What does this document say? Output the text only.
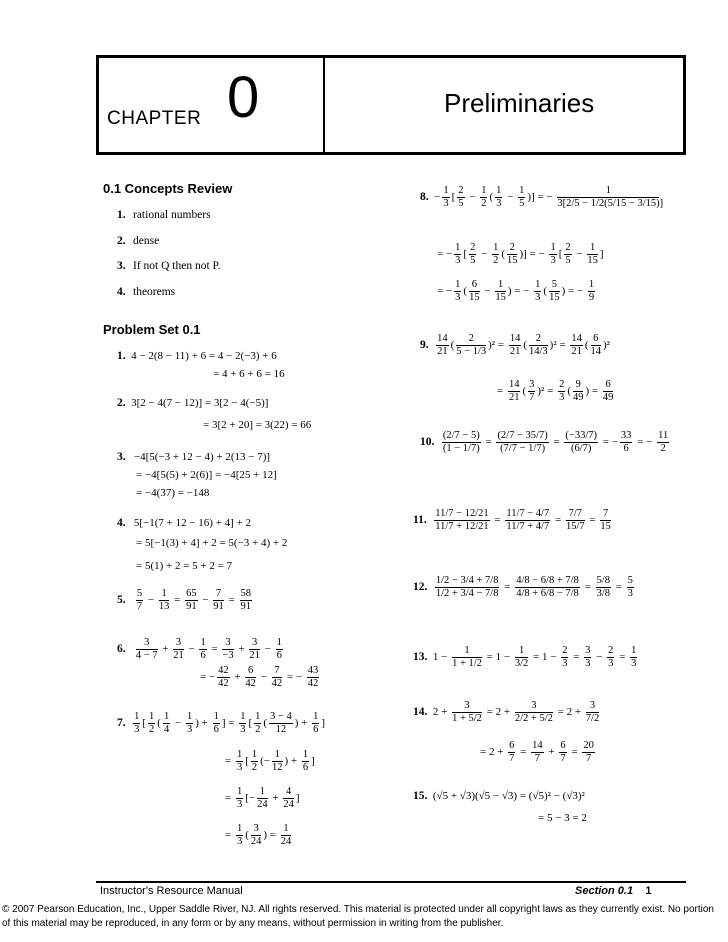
CHAPTER 0	Preliminaries
0.1 Concepts Review
1. rational numbers
2. dense
3. If not Q then not P.
4. theorems
Problem Set 0.1
1. 4 − 2(8 − 11) + 6 = 4 − 2(−3) + 6
= 4 + 6 + 6 = 16
2. 3[2 − 4(7 − 12)] = 3[2 − 4(−5)]
= 3[2 + 20] = 3(22) = 66
3. −4[5(−3 + 12 − 4) + 2(13 − 7)]
= −4[5(5) + 2(6)] = −4[25 + 12]
= −4(37) = −148
4. 5[−1(7 + 12 − 16) + 4] + 2
= 5[−1(3) + 4] + 2 = 5(−3 + 4) + 2
= 5(1) + 2 = 5 + 2 = 7
5. $\frac{5}{7} - \frac{1}{13} = \frac{65}{91} - \frac{7}{91} = \frac{58}{91}$
6. $\frac{3}{4 - 7} + \frac{3}{21} - \frac{1}{6} = \frac{3}{-3} + \frac{3}{21} - \frac{1}{6}$
= − $\frac{42}{42} + \frac{6}{42} - \frac{7}{42}$ = − $\frac{43}{42}$
7. $\frac{1}{3}$ [ $\frac{1}{2}$ ( $\frac{1}{4} - \frac{1}{3}$ ) + $\frac{1}{6}$ ] = $\frac{1}{3}$ [ $\frac{1}{2}$ ( $\frac{3 - 4}{12}$ ) + $\frac{1}{6}$ ]
= $\frac{1}{3}$ [ $\frac{1}{2}$ (− $\frac{1}{12}$ ) + $\frac{1}{6}$ ]
= $\frac{1}{3}$ [− $\frac{1}{24} + \frac{4}{24}$ ]
= $\frac{1}{3}$ ( $\frac{3}{24}$ ) = $\frac{1}{24}$
8.  − $\frac{1}{3}$ [ $\frac{2}{5} - \frac{1}{2}$ ( $\frac{1}{3} - \frac{1}{5}$ )] = − $\frac{1}{3[2/5 - 1/2(5/15 - 3/15)]}$
= − $\frac{1}{3}$ [ $\frac{2}{5} - \frac{1}{2}$ ( $\frac{2}{15}$ )] = − $\frac{1}{3}$ [ $\frac{2}{5} - \frac{1}{15}$ ]
= − $\frac{1}{3}$ ( $\frac{6}{15} - \frac{1}{15}$ ) = − $\frac{1}{3}$ ( $\frac{5}{15}$ ) = − $\frac{1}{9}$
9. $\frac{14}{21}$ ( $\frac{2}{5 - 1/3} )^2 = \frac{14}{21}$ ( $\frac{2}{14/3} )^2 = \frac{14}{21}$ ( $\frac{6}{14} )^2$
= $\frac{14}{21}$ ( $\frac{3}{7} )^2 = \frac{2}{3}$ ( $\frac{9}{49}$ ) = $\frac{6}{49}$
10. $\frac{(2/7 - 5)}{(1 - 1/7)} = \frac{(2/7 - 35/7)}{(7/7 - 1/7)} = \frac{(-33/7)}{(6/7)}$ = − $\frac{33}{6}$ = − $\frac{11}{2}$
11. $\frac{11/7 - 12/21}{11/7 + 12/21} = \frac{11/7 - 4/7}{11/7 + 4/7} = \frac{7/7}{15/7} = \frac{7}{15}$
12. $\frac{1/2 - 3/4 + 7/8}{1/2 + 3/4 - 7/8} = \frac{4/8 - 6/8 + 7/8}{4/8 + 6/8 - 7/8} = \frac{5/8}{3/8} = \frac{5}{3}$
13.  $1 - \frac{1}{1 + 1/2} = 1 - \frac{1}{3/2} = 1 - \frac{2}{3} = \frac{3}{3} - \frac{2}{3} = \frac{1}{3}$
14.  $2 + \frac{3}{1 + 5/2} = 2 + \frac{3}{2/2 + 5/2} = 2 + \frac{3}{7/2}$
= $2 + \frac{6}{7} = \frac{14}{7} + \frac{6}{7} = \frac{20}{7}$
15.  (√5 + √3)(√5 − √3) = (√5)² − (√3)²
= 5 − 3 = 2
Instructor's Resource Manual	Section 0.1 1
© 2007 Pearson Education, Inc., Upper Saddle River, NJ. All rights reserved. This material is protected under all copyright laws as they currently exist. No portion of this material may be reproduced, in any form or by any means, without permission in writing from the publisher.
